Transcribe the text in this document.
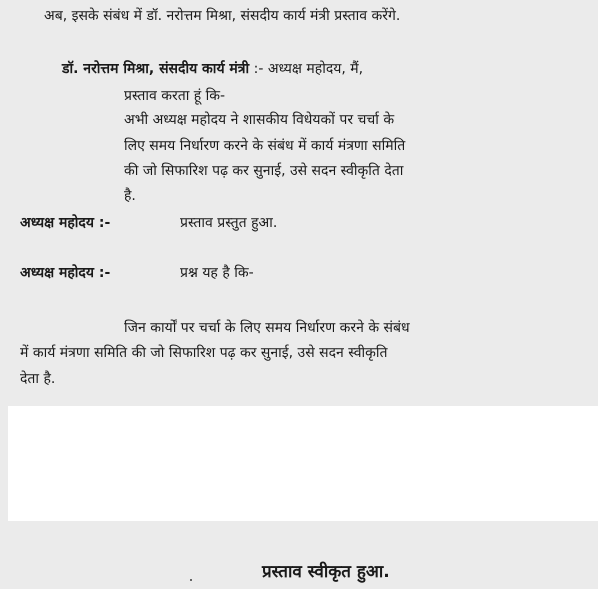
अब, इसके संबंध में डॉ. नरोत्तम मिश्रा, संसदीय कार्य मंत्री प्रस्ताव करेंगे.

डॉ. नरोत्तम मिश्रा, संसदीय कार्य मंत्री :- अध्यक्ष महोदय, मैं,

प्रस्ताव करता हूं कि-

अभी अध्यक्ष महोदय ने शासकीय विधेयकों पर चर्चा के

लिए समय निर्धारण करने के संबंध में कार्य मंत्रणा समिति

की जो सिफारिश पढ़ कर सुनाई, उसे सदन स्वीकृति देता

है.

अध्यक्ष महोदय :-	प्रस्ताव प्रस्तुत हुआ.

अध्यक्ष महोदय :-	प्रश्न यह है कि-

जिन कार्यों पर चर्चा के लिए समय निर्धारण करने के संबंध

में कार्य मंत्रणा समिति की जो सिफारिश पढ़ कर सुनाई, उसे सदन स्वीकृति

देता है.

प्रस्ताव स्वीकृत हुआ.
